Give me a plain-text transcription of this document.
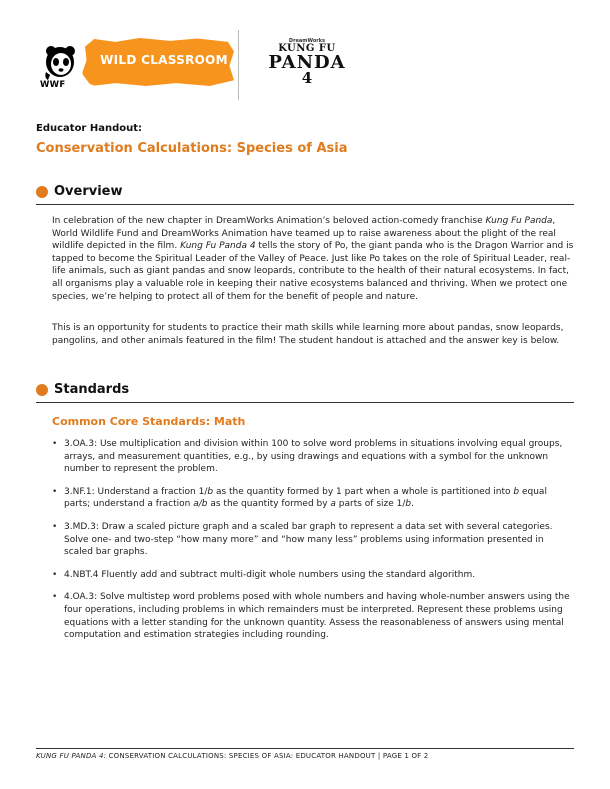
WWF
WILD CLASSROOM
DreamWorks
KUNG FU
PANDA
4
Educator Handout:
Conservation Calculations: Species of Asia
Overview
In celebration of the new chapter in DreamWorks Animation’s beloved action-comedy franchise Kung Fu Panda, World Wildlife Fund and DreamWorks Animation have teamed up to raise awareness about the plight of the real wildlife depicted in the film. Kung Fu Panda 4 tells the story of Po, the giant panda who is the Dragon Warrior and is tapped to become the Spiritual Leader of the Valley of Peace. Just like Po takes on the role of Spiritual Leader, real-life animals, such as giant pandas and snow leopards, contribute to the health of their natural ecosystems. In fact, all organisms play a valuable role in keeping their native ecosystems balanced and thriving. When we protect one species, we’re helping to protect all of them for the benefit of people and nature.
This is an opportunity for students to practice their math skills while learning more about pandas, snow leopards, pangolins, and other animals featured in the film! The student handout is attached and the answer key is below.
Standards
Common Core Standards: Math
• 3.OA.3: Use multiplication and division within 100 to solve word problems in situations involving equal groups, arrays, and measurement quantities, e.g., by using drawings and equations with a symbol for the unknown number to represent the problem.
• 3.NF.1: Understand a fraction 1/b as the quantity formed by 1 part when a whole is partitioned into b equal parts; understand a fraction a/b as the quantity formed by a parts of size 1/b.
• 3.MD.3: Draw a scaled picture graph and a scaled bar graph to represent a data set with several categories. Solve one- and two-step “how many more” and “how many less” problems using information presented in scaled bar graphs.
• 4.NBT.4 Fluently add and subtract multi-digit whole numbers using the standard algorithm.
• 4.OA.3: Solve multistep word problems posed with whole numbers and having whole-number answers using the four operations, including problems in which remainders must be interpreted. Represent these problems using equations with a letter standing for the unknown quantity. Assess the reasonableness of answers using mental computation and estimation strategies including rounding.
KUNG FU PANDA 4: CONSERVATION CALCULATIONS: SPECIES OF ASIA: EDUCATOR HANDOUT | PAGE 1 OF 2
